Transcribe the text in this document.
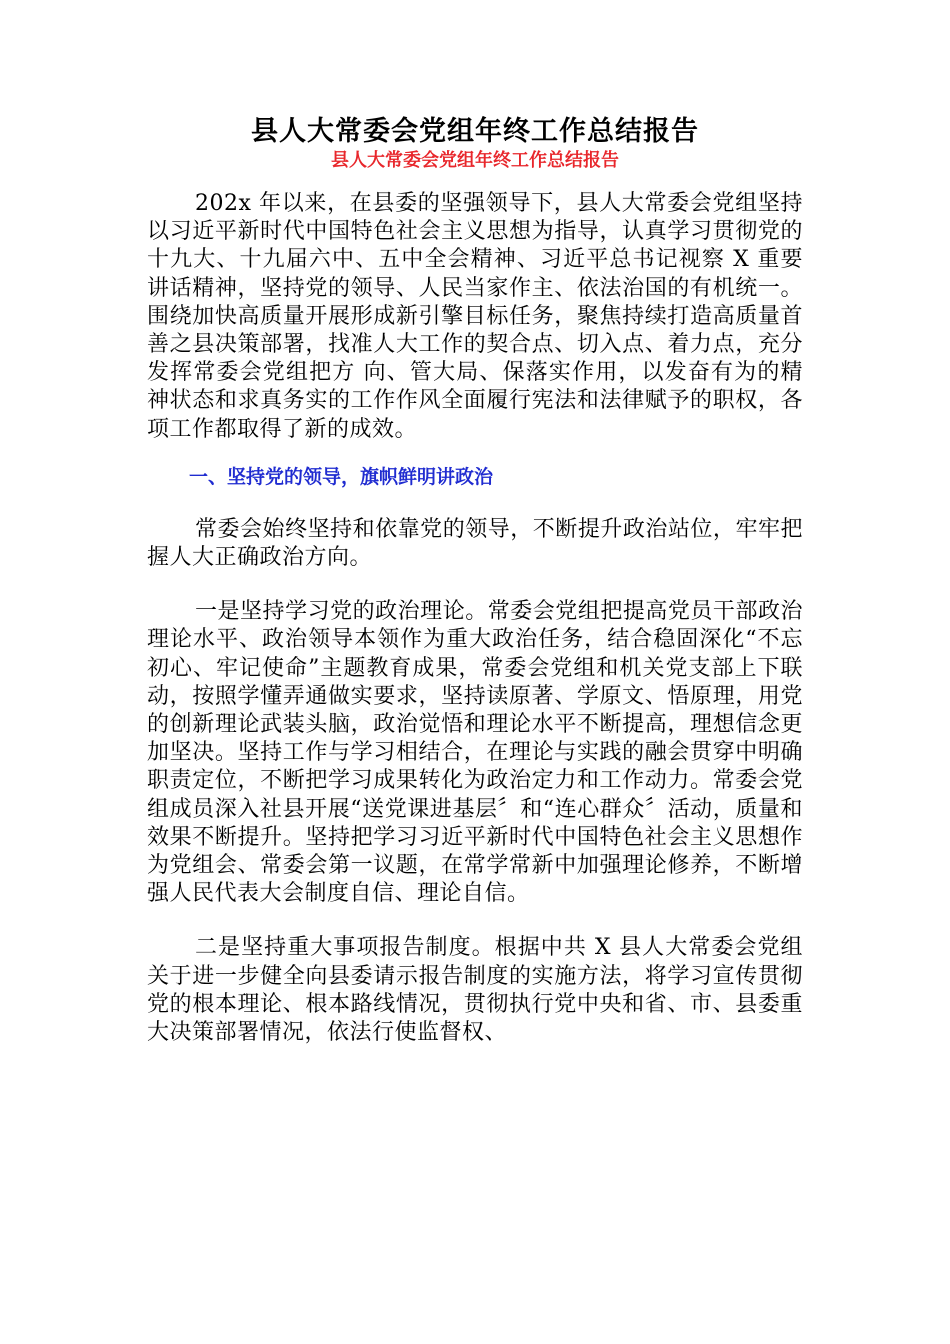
县人大常委会党组年终工作总结报告
县人大常委会党组年终工作总结报告

202x 年以来，在县委的坚强领导下，县人大常委会党组坚持以习近平新时代中国特色社会主义思想为指导，认真学习贯彻党的十九大、十九届六中、五中全会精神、习近平总书记视察 X 重要讲话精神，坚持党的领导、人民当家作主、依法治国的有机统一。围绕加快高质量开展形成新引擎目标任务，聚焦持续打造高质量首善之县决策部署，找准人大工作的契合点、切入点、着力点，充分发挥常委会党组把方 向、管大局、保落实作用，以发奋有为的精神状态和求真务实的工作作风全面履行宪法和法律赋予的职权，各项工作都取得了新的成效。

一、坚持党的领导，旗帜鲜明讲政治

常委会始终坚持和依靠党的领导，不断提升政治站位，牢牢把握人大正确政治方向。

一是坚持学习党的政治理论。常委会党组把提高党员干部政治理论水平、政治领导本领作为重大政治任务，结合稳固深化“不忘初心、牢记使命”主题教育成果，常委会党组和机关党支部上下联动，按照学懂弄通做实要求，坚持读原著、学原文、悟原理，用党的创新理论武装头脑，政治觉悟和理论水平不断提高，理想信念更加坚决。坚持工作与学习相结合，在理论与实践的融会贯穿中明确职责定位，不断把学习成果转化为政治定力和工作动力。常委会党组成员深入社县开展“送党课进基层〞和“连心群众〞活动，质量和效果不断提升。坚持把学习习近平新时代中国特色社会主义思想作为党组会、常委会第一议题，在常学常新中加强理论修养，不断增强人民代表大会制度自信、理论自信。

二是坚持重大事项报告制度。根据中共 X 县人大常委会党组关于进一步健全向县委请示报告制度的实施方法，将学习宣传贯彻党的根本理论、根本路线情况，贯彻执行党中央和省、市、县委重大决策部署情况，依法行使监督权、
